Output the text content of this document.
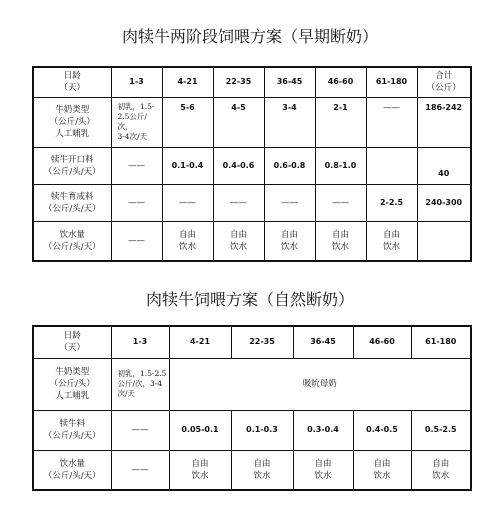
肉犊牛两阶段饲喂方案（早期断奶）
日龄
（天）	1-3	4-21	22-35	36-45	46-60	61-180	合计
（公斤）
牛奶类型
（公斤/头）
人工哺乳	初乳，1.5-
2.5公斤/次，
3-4次/天	5-6	4-5	3-4	2-1	——	186-242
犊牛开口料
（公斤/头/天）	——	0.1-0.4	0.4-0.6	0.6-0.8	0.8-1.0		40
犊牛育成料
（公斤/头/天）	——	——	——	——	——	2-2.5	240-300
饮水量
（公斤/头/天）	——	自由
饮水	自由
饮水	自由
饮水	自由
饮水	自由
饮水	
肉犊牛饲喂方案（自然断奶）
日龄
（天）	1-3	4-21	22-35	36-45	46-60	61-180
牛奶类型
（公斤/头）
人工哺乳	初乳，1.5-2.5
公斤/次，3-4
次/天	吸吮母奶				
犊牛料
（公斤/头/天）	——	0.05-0.1	0.1-0.3	0.3-0.4	0.4-0.5	0.5-2.5
饮水量
（公斤/头/天）	——	自由
饮水	自由
饮水	自由
饮水	自由
饮水	自由
饮水
